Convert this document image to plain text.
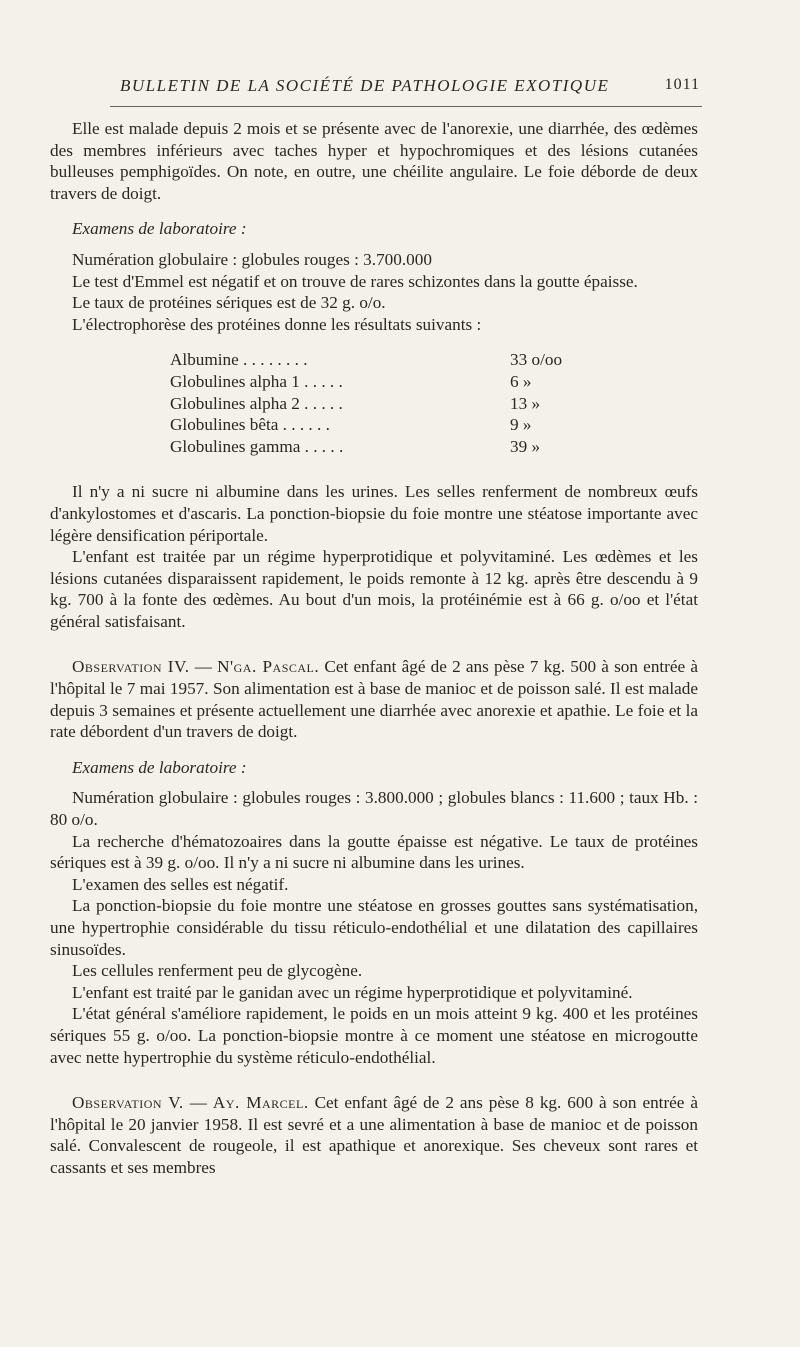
BULLETIN DE LA SOCIÉTÉ DE PATHOLOGIE EXOTIQUE	1011

Elle est malade depuis 2 mois et se présente avec de l'anorexie, une diarrhée, des œdèmes des membres inférieurs avec taches hyper et hypochromiques et des lésions cutanées bulleuses pemphigoïdes. On note, en outre, une chéilite angulaire. Le foie déborde de deux travers de doigt.

Examens de laboratoire :

Numération globulaire : globules rouges : 3.700.000

Le test d'Emmel est négatif et on trouve de rares schizontes dans la goutte épaisse.

Le taux de protéines sériques est de 32 g. o/o.

L'électrophorèse des protéines donne les résultats suivants :

Albumine . . . . . . . .	33 o/oo
Globulines alpha 1 . . . . .	6 »
Globulines alpha 2 . . . . .	13 »
Globulines bêta . . . . . .	9 »
Globulines gamma . . . . .	39 »

Il n'y a ni sucre ni albumine dans les urines. Les selles renferment de nombreux œufs d'ankylostomes et d'ascaris. La ponction-biopsie du foie montre une stéatose importante avec légère densification périportale.

L'enfant est traitée par un régime hyperprotidique et polyvitaminé. Les œdèmes et les lésions cutanées disparaissent rapidement, le poids remonte à 12 kg. après être descendu à 9 kg. 700 à la fonte des œdèmes. Au bout d'un mois, la protéinémie est à 66 g. o/oo et l'état général satisfaisant.

Observation IV. — N'ga. Pascal. Cet enfant âgé de 2 ans pèse 7 kg. 500 à son entrée à l'hôpital le 7 mai 1957. Son alimentation est à base de manioc et de poisson salé. Il est malade depuis 3 semaines et présente actuellement une diarrhée avec anorexie et apathie. Le foie et la rate débordent d'un travers de doigt.

Examens de laboratoire :

Numération globulaire : globules rouges : 3.800.000 ; globules blancs : 11.600 ; taux Hb. : 80 o/o.

La recherche d'hématozoaires dans la goutte épaisse est négative. Le taux de protéines sériques est à 39 g. o/oo. Il n'y a ni sucre ni albumine dans les urines.

L'examen des selles est négatif.

La ponction-biopsie du foie montre une stéatose en grosses gouttes sans systématisation, une hypertrophie considérable du tissu réticulo-endothélial et une dilatation des capillaires sinusoïdes.

Les cellules renferment peu de glycogène.

L'enfant est traité par le ganidan avec un régime hyperprotidique et polyvitaminé.

L'état général s'améliore rapidement, le poids en un mois atteint 9 kg. 400 et les protéines sériques 55 g. o/oo. La ponction-biopsie montre à ce moment une stéatose en microgoutte avec nette hypertrophie du système réticulo-endothélial.

Observation V. — Ay. Marcel. Cet enfant âgé de 2 ans pèse 8 kg. 600 à son entrée à l'hôpital le 20 janvier 1958. Il est sevré et a une alimentation à base de manioc et de poisson salé. Convalescent de rougeole, il est apathique et anorexique. Ses cheveux sont rares et cassants et ses membres
